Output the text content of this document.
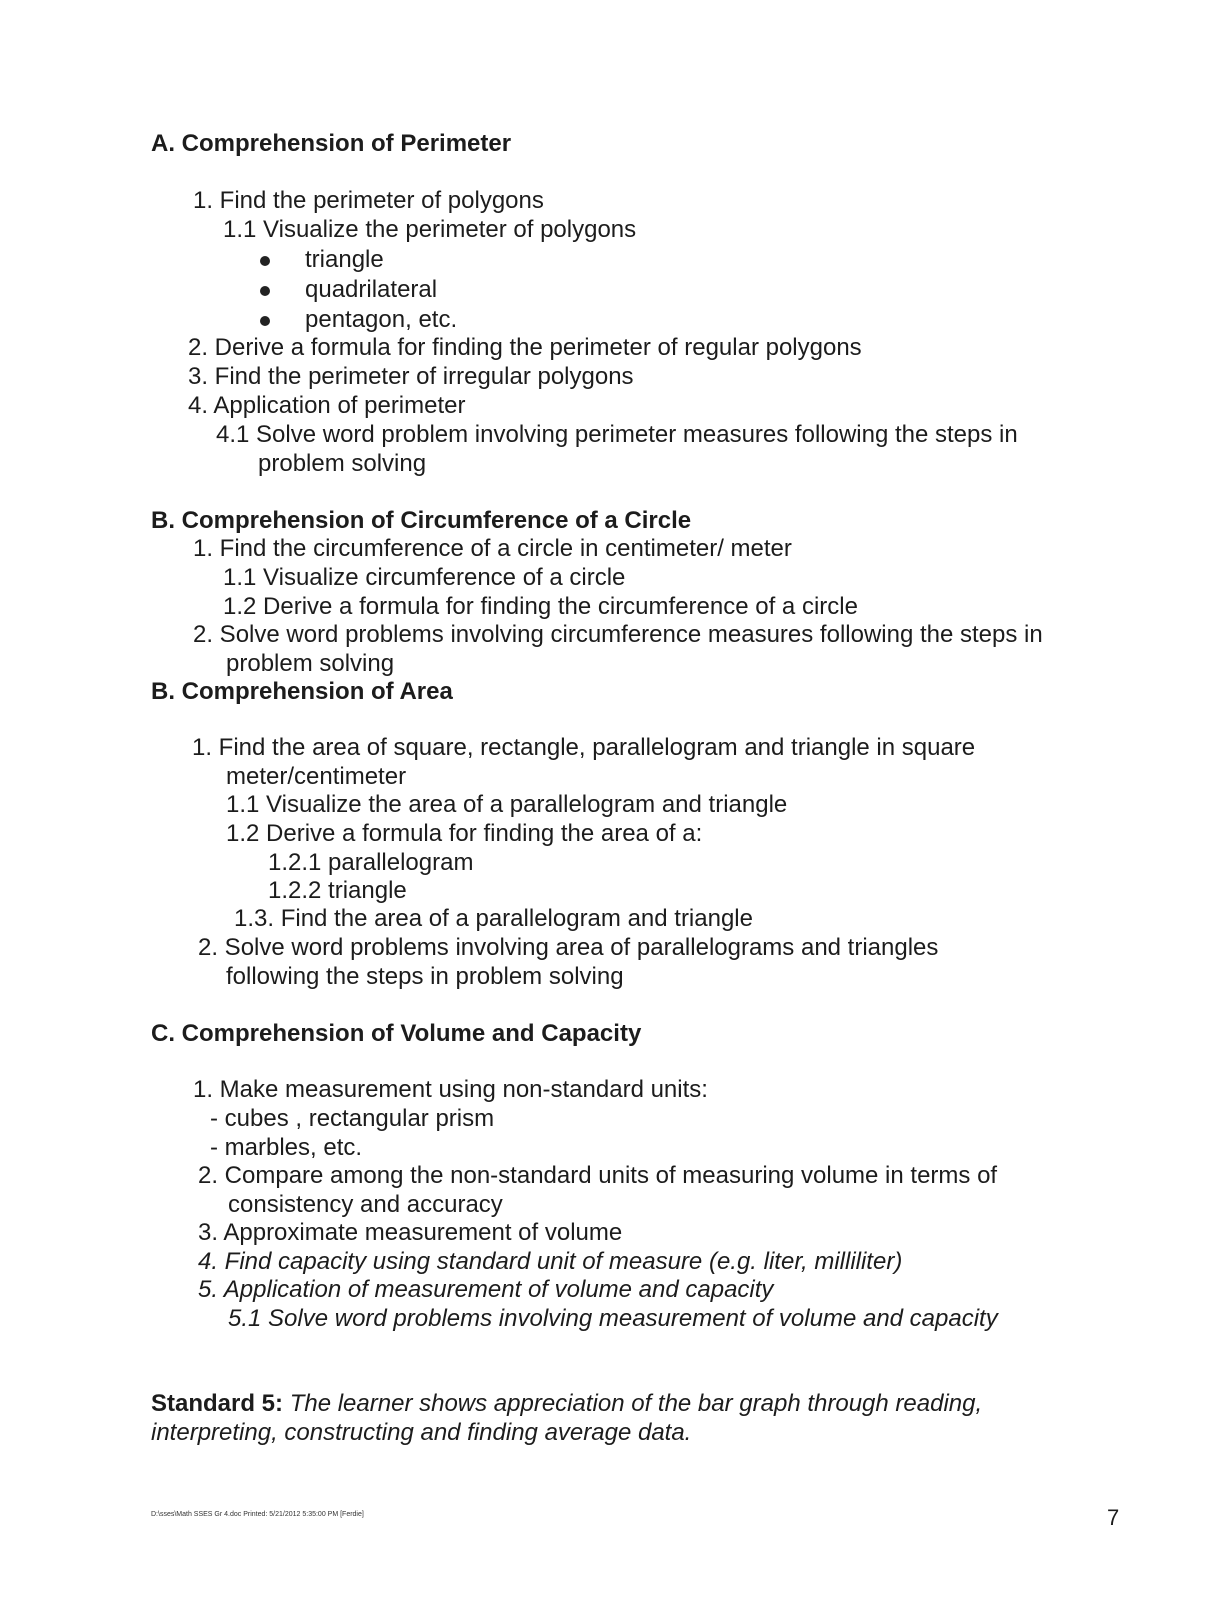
A. Comprehension of Perimeter
1. Find the perimeter of polygons
1.1 Visualize the perimeter of polygons
triangle
quadrilateral
pentagon, etc.
2. Derive a formula for finding the perimeter of regular polygons
3. Find the perimeter of irregular polygons
4. Application of perimeter
4.1 Solve word problem involving perimeter measures following the steps in
problem solving
B. Comprehension of Circumference of a Circle
1. Find the circumference of a circle in centimeter/ meter
1.1 Visualize circumference of a circle
1.2 Derive a formula for finding the circumference of a circle
2. Solve word problems involving circumference measures following the steps in
problem solving
B. Comprehension of Area
1. Find the area of square, rectangle, parallelogram and triangle in square
meter/centimeter
1.1 Visualize the area of a parallelogram and triangle
1.2 Derive a formula for finding the area of a:
1.2.1 parallelogram
1.2.2 triangle
1.3. Find the area of a parallelogram and triangle
2. Solve word problems involving area of parallelograms and triangles
following the steps in problem solving
C. Comprehension of Volume and Capacity
1. Make measurement using non-standard units:
- cubes , rectangular prism
- marbles, etc.
2. Compare among the non-standard units of measuring volume in terms of
consistency and accuracy
3. Approximate measurement of volume
4. Find capacity using standard unit of measure (e.g. liter, milliliter)
5. Application of measurement of volume and capacity
5.1 Solve word problems involving measurement of volume and capacity
Standard 5: The learner shows appreciation of the bar graph through reading,
interpreting, constructing and finding average data.
D:\sses\Math SSES Gr 4.doc Printed: 5/21/2012 5:35:00 PM [Ferdie]	7
